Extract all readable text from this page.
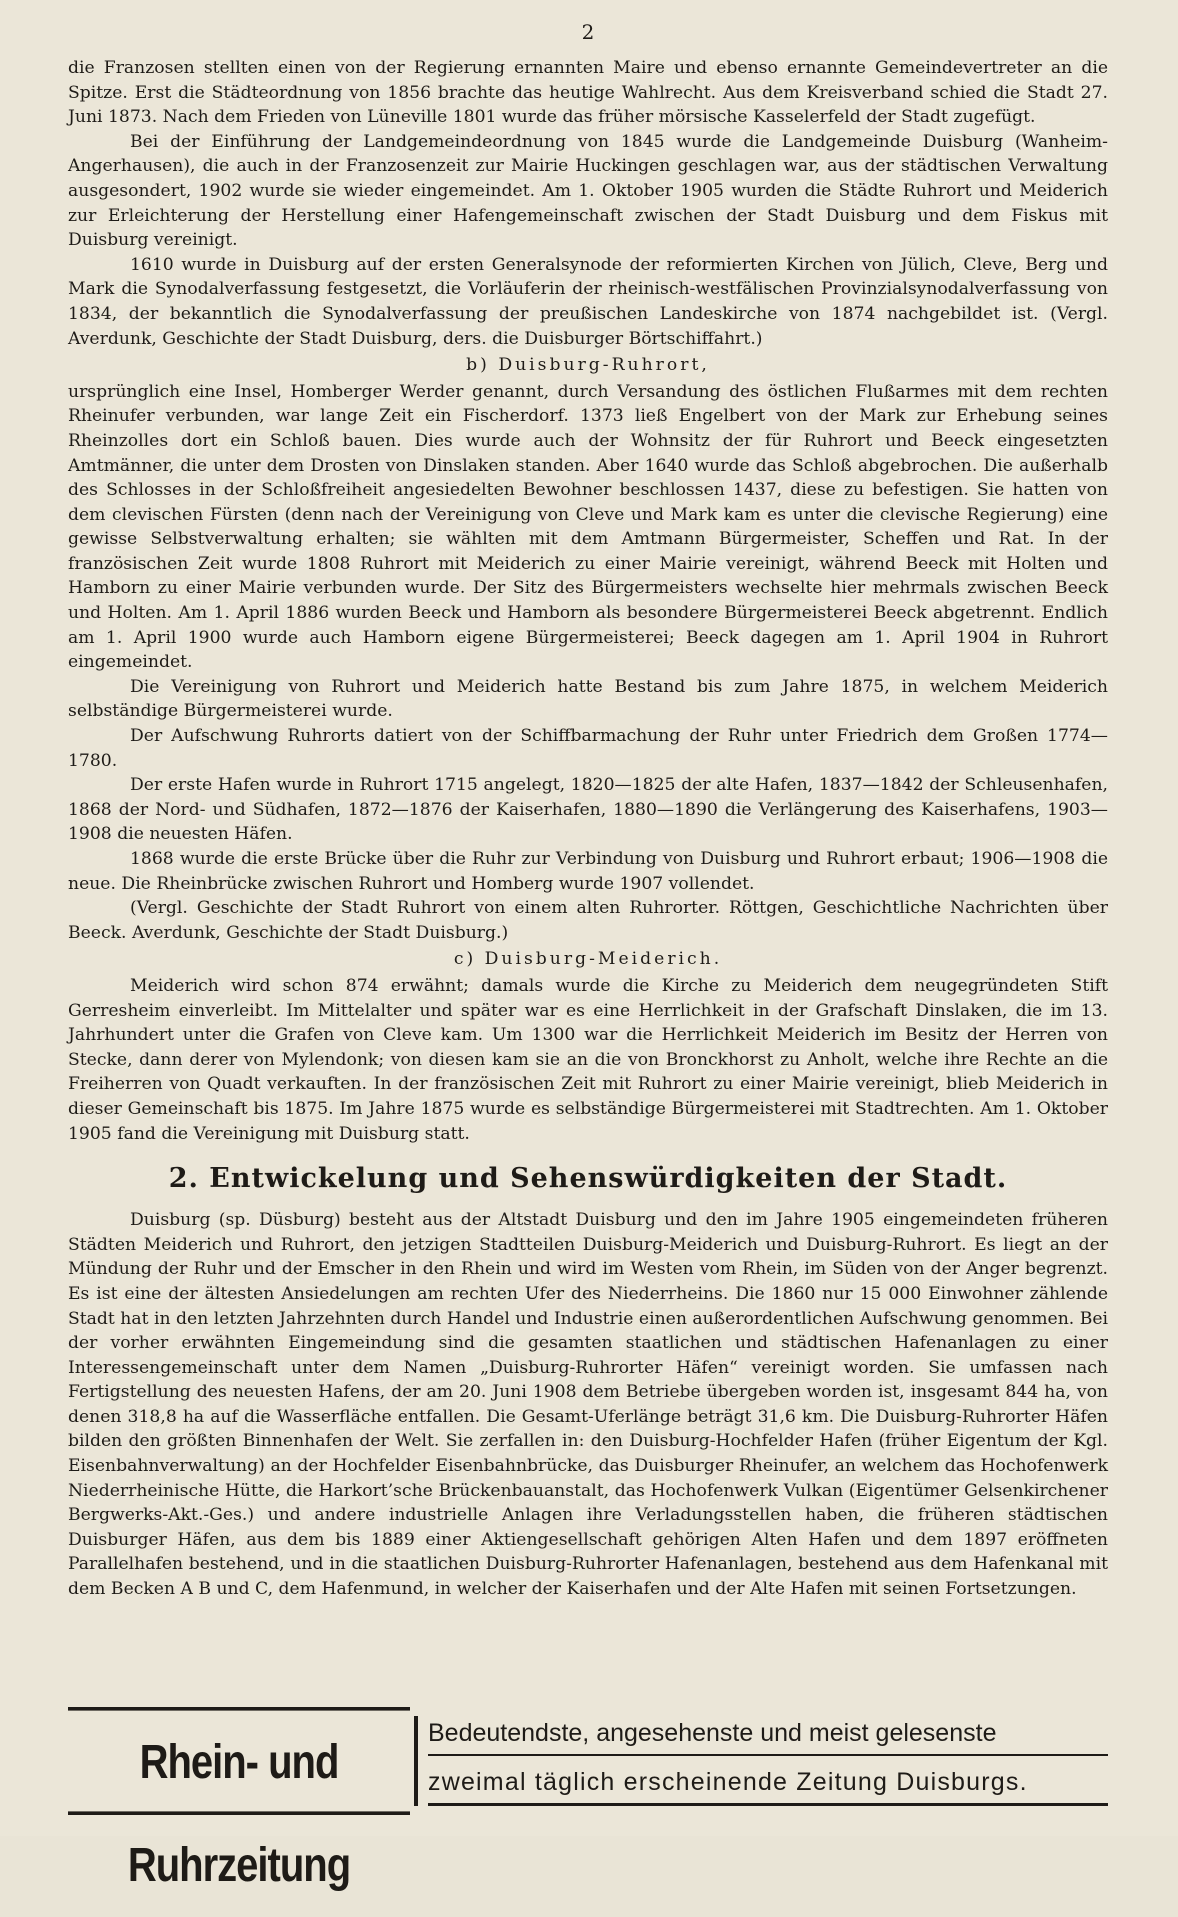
2

die Franzosen stellten einen von der Regierung ernannten Maire und ebenso ernannte Gemeindevertreter an die Spitze. Erst die Städteordnung von 1856 brachte das heutige Wahlrecht. Aus dem Kreisverband schied die Stadt 27. Juni 1873. Nach dem Frieden von Lüneville 1801 wurde das früher mörsische Kasselerfeld der Stadt zugefügt.

Bei der Einführung der Landgemeindeordnung von 1845 wurde die Landgemeinde Duisburg (Wanheim-Angerhausen), die auch in der Franzosenzeit zur Mairie Huckingen geschlagen war, aus der städtischen Verwaltung ausgesondert, 1902 wurde sie wieder eingemeindet. Am 1. Oktober 1905 wurden die Städte Ruhrort und Meiderich zur Erleichterung der Herstellung einer Hafengemeinschaft zwischen der Stadt Duisburg und dem Fiskus mit Duisburg vereinigt.

1610 wurde in Duisburg auf der ersten Generalsynode der reformierten Kirchen von Jülich, Cleve, Berg und Mark die Synodalverfassung festgesetzt, die Vorläuferin der rheinisch-westfälischen Provinzialsynodalverfassung von 1834, der bekanntlich die Synodalverfassung der preußischen Landeskirche von 1874 nachgebildet ist. (Vergl. Averdunk, Geschichte der Stadt Duisburg, ders. die Duisburger Börtschiffahrt.)

b) Duisburg-Ruhrort,

ursprünglich eine Insel, Homberger Werder genannt, durch Versandung des östlichen Flußarmes mit dem rechten Rheinufer verbunden, war lange Zeit ein Fischerdorf. 1373 ließ Engelbert von der Mark zur Erhebung seines Rheinzolles dort ein Schloß bauen. Dies wurde auch der Wohnsitz der für Ruhrort und Beeck eingesetzten Amtmänner, die unter dem Drosten von Dinslaken standen. Aber 1640 wurde das Schloß abgebrochen. Die außerhalb des Schlosses in der Schloßfreiheit angesiedelten Bewohner beschlossen 1437, diese zu befestigen. Sie hatten von dem clevischen Fürsten (denn nach der Vereinigung von Cleve und Mark kam es unter die clevische Regierung) eine gewisse Selbstverwaltung erhalten; sie wählten mit dem Amtmann Bürgermeister, Scheffen und Rat. In der französischen Zeit wurde 1808 Ruhrort mit Meiderich zu einer Mairie vereinigt, während Beeck mit Holten und Hamborn zu einer Mairie verbunden wurde. Der Sitz des Bürgermeisters wechselte hier mehrmals zwischen Beeck und Holten. Am 1. April 1886 wurden Beeck und Hamborn als besondere Bürgermeisterei Beeck abgetrennt. Endlich am 1. April 1900 wurde auch Hamborn eigene Bürgermeisterei; Beeck dagegen am 1. April 1904 in Ruhrort eingemeindet.

Die Vereinigung von Ruhrort und Meiderich hatte Bestand bis zum Jahre 1875, in welchem Meiderich selbständige Bürgermeisterei wurde.

Der Aufschwung Ruhrorts datiert von der Schiffbarmachung der Ruhr unter Friedrich dem Großen 1774—1780.

Der erste Hafen wurde in Ruhrort 1715 angelegt, 1820—1825 der alte Hafen, 1837—1842 der Schleusenhafen, 1868 der Nord- und Südhafen, 1872—1876 der Kaiserhafen, 1880—1890 die Verlängerung des Kaiserhafens, 1903—1908 die neuesten Häfen.

1868 wurde die erste Brücke über die Ruhr zur Verbindung von Duisburg und Ruhrort erbaut; 1906—1908 die neue. Die Rheinbrücke zwischen Ruhrort und Homberg wurde 1907 vollendet.

(Vergl. Geschichte der Stadt Ruhrort von einem alten Ruhrorter. Röttgen, Geschichtliche Nachrichten über Beeck. Averdunk, Geschichte der Stadt Duisburg.)

c) Duisburg-Meiderich.

Meiderich wird schon 874 erwähnt; damals wurde die Kirche zu Meiderich dem neugegründeten Stift Gerresheim einverleibt. Im Mittelalter und später war es eine Herrlichkeit in der Grafschaft Dinslaken, die im 13. Jahrhundert unter die Grafen von Cleve kam. Um 1300 war die Herrlichkeit Meiderich im Besitz der Herren von Stecke, dann derer von Mylendonk; von diesen kam sie an die von Bronckhorst zu Anholt, welche ihre Rechte an die Freiherren von Quadt verkauften. In der französischen Zeit mit Ruhrort zu einer Mairie vereinigt, blieb Meiderich in dieser Gemeinschaft bis 1875. Im Jahre 1875 wurde es selbständige Bürgermeisterei mit Stadtrechten. Am 1. Oktober 1905 fand die Vereinigung mit Duisburg statt.

2. Entwickelung und Sehenswürdigkeiten der Stadt.

Duisburg (sp. Düsburg) besteht aus der Altstadt Duisburg und den im Jahre 1905 eingemeindeten früheren Städten Meiderich und Ruhrort, den jetzigen Stadtteilen Duisburg-Meiderich und Duisburg-Ruhrort. Es liegt an der Mündung der Ruhr und der Emscher in den Rhein und wird im Westen vom Rhein, im Süden von der Anger begrenzt. Es ist eine der ältesten Ansiedelungen am rechten Ufer des Niederrheins. Die 1860 nur 15 000 Einwohner zählende Stadt hat in den letzten Jahrzehnten durch Handel und Industrie einen außerordentlichen Aufschwung genommen. Bei der vorher erwähnten Eingemeindung sind die gesamten staatlichen und städtischen Hafenanlagen zu einer Interessengemeinschaft unter dem Namen „Duisburg-Ruhrorter Häfen“ vereinigt worden. Sie umfassen nach Fertigstellung des neuesten Hafens, der am 20. Juni 1908 dem Betriebe übergeben worden ist, insgesamt 844 ha, von denen 318,8 ha auf die Wasserfläche entfallen. Die Gesamt-Uferlänge beträgt 31,6 km. Die Duisburg-Ruhrorter Häfen bilden den größten Binnenhafen der Welt. Sie zerfallen in: den Duisburg-Hochfelder Hafen (früher Eigentum der Kgl. Eisenbahnverwaltung) an der Hochfelder Eisenbahnbrücke, das Duisburger Rheinufer, an welchem das Hochofenwerk Niederrheinische Hütte, die Harkort’sche Brückenbauanstalt, das Hochofenwerk Vulkan (Eigentümer Gelsenkirchener Bergwerks-Akt.-Ges.) und andere industrielle Anlagen ihre Verladungsstellen haben, die früheren städtischen Duisburger Häfen, aus dem bis 1889 einer Aktiengesellschaft gehörigen Alten Hafen und dem 1897 eröffneten Parallelhafen bestehend, und in die staatlichen Duisburg-Ruhrorter Hafenanlagen, bestehend aus dem Hafenkanal mit dem Becken A B und C, dem Hafenmund, in welcher der Kaiserhafen und der Alte Hafen mit seinen Fortsetzungen.

Rhein- und Ruhrzeitung
Bedeutendste, angesehenste und meist gelesenste
zweimal täglich erscheinende Zeitung Duisburgs.
